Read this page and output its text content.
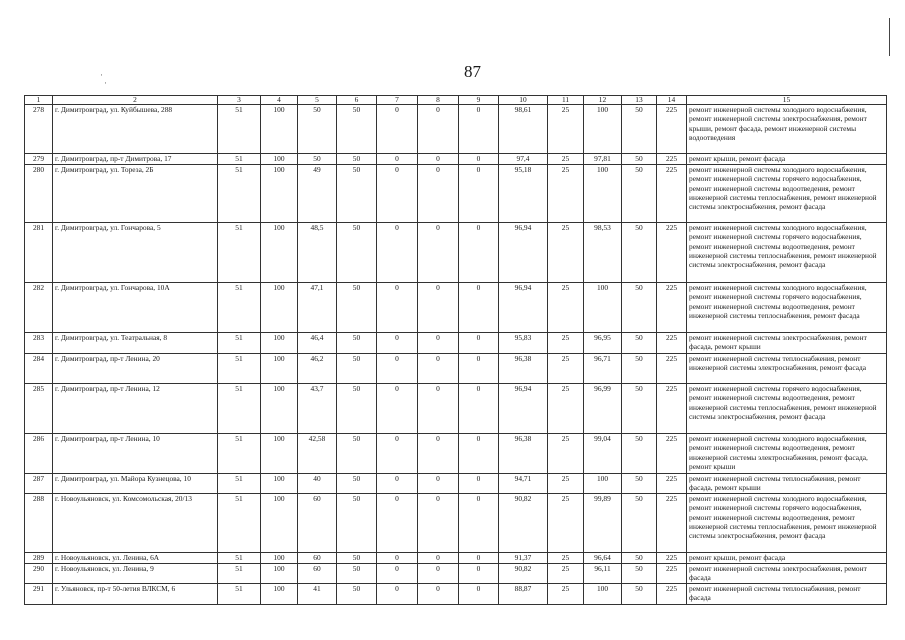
87
·
·
1	2	3	4	5	6	7	8	9	10	11	12	13	14	15
278	г. Димитровград, ул. Куйбышева, 288	51	100	50	50	0	0	0	98,61	25	100	50	225	ремонт инженерной системы холодного водоснабжения, ремонт инженерной системы электроснабжения, ремонт крыши, ремонт фасада, ремонт инженерной системы водоотведения
279	г. Димитровград, пр-т Димитрова, 17	51	100	50	50	0	0	0	97,4	25	97,81	50	225	ремонт крыши, ремонт фасада
280	г. Димитровград, ул. Тореза, 2Б	51	100	49	50	0	0	0	95,18	25	100	50	225	ремонт инженерной системы холодного водоснабжения, ремонт инженерной системы горячего водоснабжения, ремонт инженерной системы водоотведения, ремонт инженерной системы теплоснабжения, ремонт инженерной системы электроснабжения, ремонт фасада
281	г. Димитровград, ул. Гончарова, 5	51	100	48,5	50	0	0	0	96,94	25	98,53	50	225	ремонт инженерной системы холодного водоснабжения, ремонт инженерной системы горячего водоснабжения, ремонт инженерной системы водоотведения, ремонт инженерной системы теплоснабжения, ремонт инженерной системы электроснабжения, ремонт фасада
282	г. Димитровград, ул. Гончарова, 10А	51	100	47,1	50	0	0	0	96,94	25	100	50	225	ремонт инженерной системы холодного водоснабжения, ремонт инженерной системы горячего водоснабжения, ремонт инженерной системы водоотведения, ремонт инженерной системы теплоснабжения, ремонт фасада
283	г. Димитровград, ул. Театральная, 8	51	100	46,4	50	0	0	0	95,83	25	96,95	50	225	ремонт инженерной системы электроснабжения, ремонт фасада, ремонт крыши
284	г. Димитровград, пр-т Ленина, 20	51	100	46,2	50	0	0	0	96,38	25	96,71	50	225	ремонт инженерной системы теплоснабжения, ремонт инженерной системы электроснабжения, ремонт фасада
285	г. Димитровград, пр-т Ленина, 12	51	100	43,7	50	0	0	0	96,94	25	96,99	50	225	ремонт инженерной системы горячего водоснабжения, ремонт инженерной системы водоотведения, ремонт инженерной системы теплоснабжения, ремонт инженерной системы электроснабжения, ремонт фасада
286	г. Димитровград, пр-т Ленина, 10	51	100	42,58	50	0	0	0	96,38	25	99,04	50	225	ремонт инженерной системы холодного водоснабжения, ремонт инженерной системы водоотведения, ремонт инженерной системы электроснабжения, ремонт фасада, ремонт крыши
287	г. Димитровград, ул. Майора Кузнецова, 10	51	100	40	50	0	0	0	94,71	25	100	50	225	ремонт инженерной системы теплоснабжения, ремонт фасада, ремонт крыши
288	г. Новоульяновск, ул. Комсомольская, 20/13	51	100	60	50	0	0	0	90,82	25	99,89	50	225	ремонт инженерной системы холодного водоснабжения, ремонт инженерной системы горячего водоснабжения, ремонт инженерной системы водоотведения, ремонт инженерной системы теплоснабжения, ремонт инженерной системы электроснабжения, ремонт фасада
289	г. Новоульяновск, ул. Ленина, 6А	51	100	60	50	0	0	0	91,37	25	96,64	50	225	ремонт крыши, ремонт фасада
290	г. Новоульяновск, ул. Ленина, 9	51	100	60	50	0	0	0	90,82	25	96,11	50	225	ремонт инженерной системы электроснабжения, ремонт фасада
291	г. Ульяновск, пр-т 50-летия ВЛКСМ, 6	51	100	41	50	0	0	0	88,87	25	100	50	225	ремонт инженерной системы теплоснабжения, ремонт фасада
